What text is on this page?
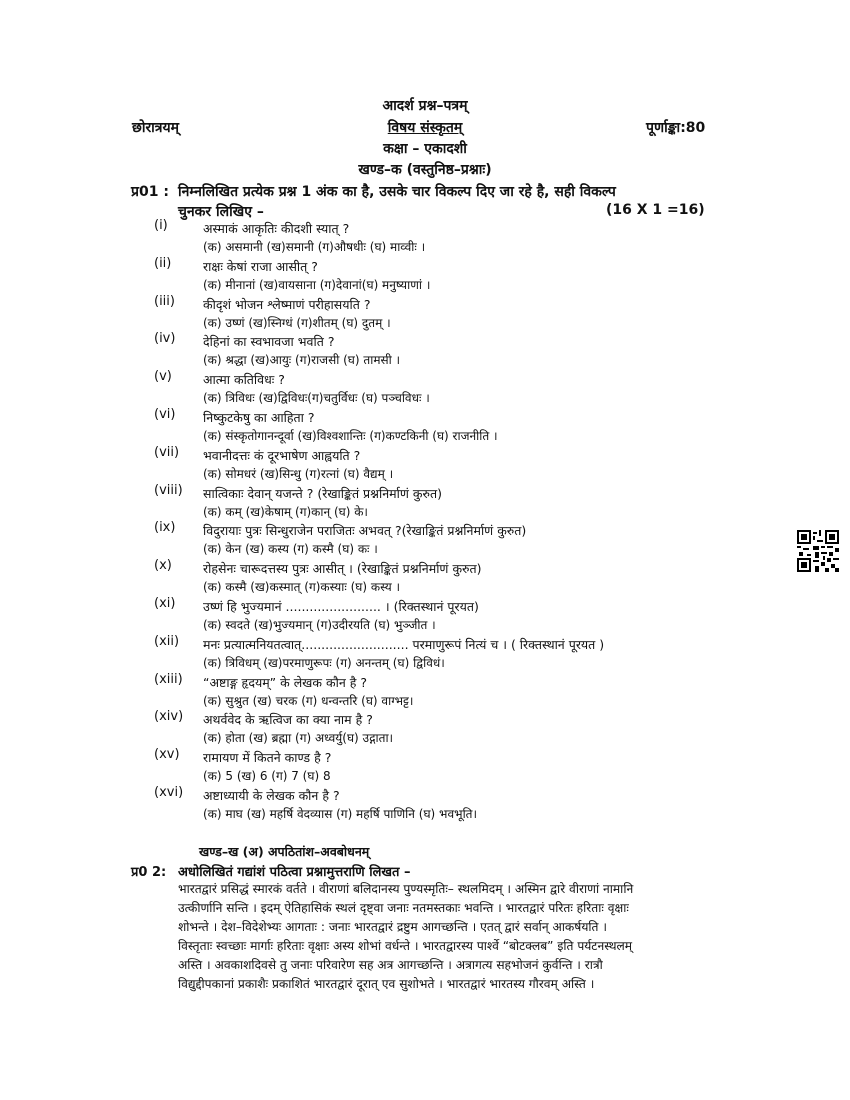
आदर्श प्रश्न–पत्रम्
छोरात्रयम्	विषय संस्कृतम्	पूर्णाङ्का:80
कक्षा – एकादशी
खण्ड–क (वस्तुनिष्ठ–प्रश्नाः)
प्र01 : निम्नलिखित प्रत्येक प्रश्न 1 अंक का है, उसके चार विकल्प दिए जा रहे है, सही विकल्प
चुनकर लिखिए –	(16 X 1 =16)
(i)	अस्माकं आकृतिः कीदशी स्यात् ?
(क) असमानी (ख)समानी (ग)औषधीः (घ) माव्वीः ।
(ii)	राक्षः केषां राजा आसीत् ?
(क) मीनानां (ख)वायसाना (ग)देवानां(घ) मनुष्याणां ।
(iii) कीदृशं भोजन श्लेष्माणं परीहासयति ?
(क) उष्णं (ख)स्निग्धं (ग)शीतम् (घ) दुतम् ।
(iv) देहिनां का स्वभावजा भवति ?
(क) श्रद्धा (ख)आयुः (ग)राजसी (घ) तामसी ।
(v) आत्मा कतिविधः ?
(क) त्रिविधः (ख)द्विविधः(ग)चतुर्विधः (घ) पञ्चविधः ।
(vi) निष्कुटकेषु का आहिता ?
(क) संस्कृतोगानन्दूर्वा (ख)विश्वशान्तिः (ग)कण्टकिनी (घ) राजनीति ।
(vii) भवानीदत्तः कं दूरभाषेण आह्वयति ?
(क) सोमधरं (ख)सिन्धु (ग)रत्नां (घ) वैद्यम् ।
(viii) सात्विकाः देवान् यजन्ते ? (रेखाङ्कितं प्रश्ननिर्माणं कुरुत)
(क) कम् (ख)केषाम् (ग)कान् (घ) के।
(ix) विदुरायाः पुत्रः सिन्धुराजेन पराजितः अभवत् ?(रेखाङ्कितं प्रश्ननिर्माणं कुरुत)
(क) केन (ख) कस्य (ग) कस्मै (घ) कः ।
(x) रोहसेनः चारूदत्तस्य पुत्रः आसीत् । (रेखाङ्कितं प्रश्ननिर्माणं कुरुत)
(क) कस्मै (ख)कस्मात् (ग)कस्याः (घ) कस्य ।
(xi) उष्णं हि भुज्यमानं ........................ । (रिक्तस्थानं पूरयत)
(क) स्वदते (ख)भुज्यमान् (ग)उदीरयति (घ) भुञ्जीत ।
(xii) मनः प्रत्यात्मनियतत्वात्........................... परमाणुरूपं नित्यं च । ( रिक्तस्थानं पूरयत )
(क) त्रिविधम् (ख)परमाणुरूपः (ग) अनन्तम् (घ) द्विविधं।
(xiii) “अष्टाङ्ग हृदयम्” के लेखक कौन है ?
(क) सुश्रुत (ख) चरक (ग) धन्वन्तरि (घ) वाग्भट्ट।
(xiv) अथर्ववेद के ऋत्विज का क्या नाम है ?
(क) होता (ख) ब्रह्मा (ग) अध्वर्यु(घ) उद्गाता।
(xv) रामायण में कितने काण्ड है ?
(क) 5 (ख) 6 (ग) 7 (घ) 8
(xvi) अष्टाध्यायी के लेखक कौन है ?
(क) माघ (ख) महर्षि वेदव्यास (ग) महर्षि पाणिनि (घ) भवभूति।
खण्ड–ख (अ) अपठितांश–अवबोधनम्
प्र0 2: अधोलिखितं गद्यांशं पठित्वा प्रश्नामुत्तराणि लिखत –
भारतद्वारं प्रसिद्धं स्मारकं वर्तते । वीराणां बलिदानस्य पुण्यस्मृतिः– स्थलमिदम् । अस्मिन द्वारे वीराणां नामानि
उत्कीर्णानि सन्ति । इदम् ऐतिहासिकं स्थलं दृष्ट्वा जनाः नतमस्तकाः भवन्ति । भारतद्वारं परितः हरिताः वृक्षाः
शोभन्ते । देश–विदेशेभ्यः आगताः : जनाः भारतद्वारं द्रष्टुम आगच्छन्ति । एतत् द्वारं सर्वान् आकर्षयति ।
विस्तृताः स्वच्छाः मार्गाः हरिताः वृक्षाः अस्य शोभां वर्धन्ते । भारतद्वारस्य पार्श्वे “बोटक्लब” इति पर्यटनस्थलम्
अस्ति । अवकाशदिवसे तु जनाः परिवारेण सह अत्र आगच्छन्ति । अत्रागत्य सहभोजनं कुर्वन्ति । रात्रौ
विद्युद्दीपकानां प्रकाशैः प्रकाशितं भारतद्वारं दूरात् एव सुशोभते । भारतद्वारं भारतस्य गौरवम् अस्ति ।
